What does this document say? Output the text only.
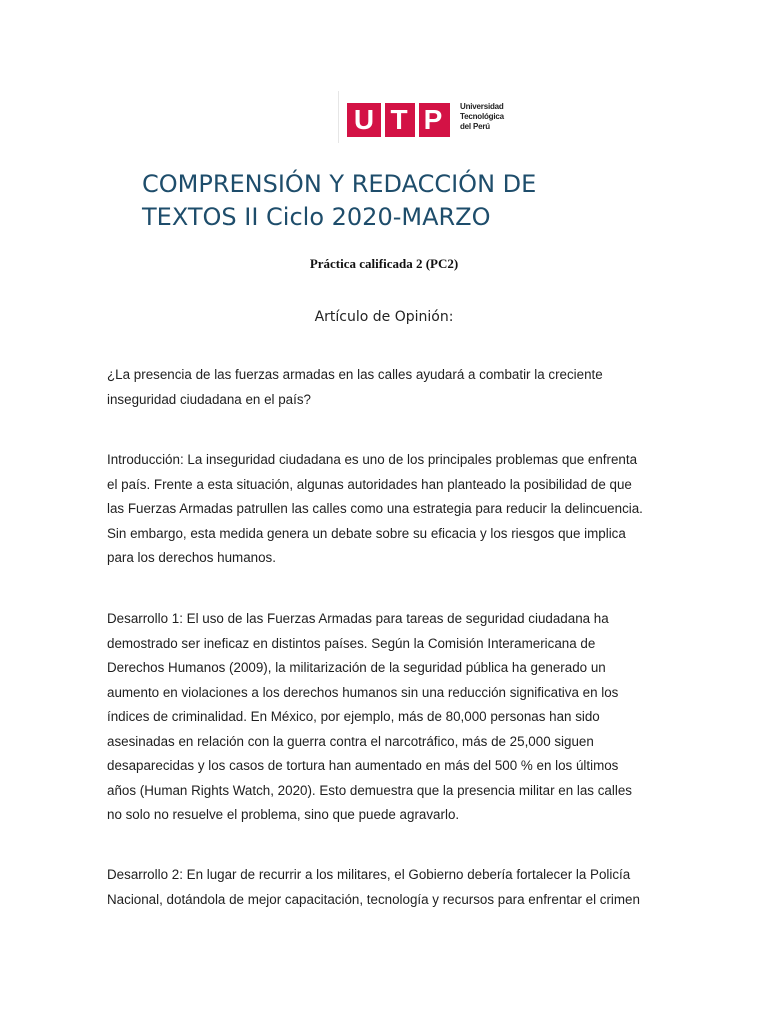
U T P	Universidad
Tecnológica
del Perú
COMPRENSIÓN Y REDACCIÓN DE
TEXTOS II Ciclo 2020-MARZO
Práctica calificada 2 (PC2)
Artículo de Opinión:

¿La presencia de las fuerzas armadas en las calles ayudará a combatir la creciente
inseguridad ciudadana en el país?

Introducción: La inseguridad ciudadana es uno de los principales problemas que enfrenta
el país. Frente a esta situación, algunas autoridades han planteado la posibilidad de que
las Fuerzas Armadas patrullen las calles como una estrategia para reducir la delincuencia.
Sin embargo, esta medida genera un debate sobre su eficacia y los riesgos que implica
para los derechos humanos.

Desarrollo 1: El uso de las Fuerzas Armadas para tareas de seguridad ciudadana ha
demostrado ser ineficaz en distintos países. Según la Comisión Interamericana de
Derechos Humanos (2009), la militarización de la seguridad pública ha generado un
aumento en violaciones a los derechos humanos sin una reducción significativa en los
índices de criminalidad. En México, por ejemplo, más de 80,000 personas han sido
asesinadas en relación con la guerra contra el narcotráfico, más de 25,000 siguen
desaparecidas y los casos de tortura han aumentado en más del 500 % en los últimos
años (Human Rights Watch, 2020). Esto demuestra que la presencia militar en las calles
no solo no resuelve el problema, sino que puede agravarlo.

Desarrollo 2: En lugar de recurrir a los militares, el Gobierno debería fortalecer la Policía
Nacional, dotándola de mejor capacitación, tecnología y recursos para enfrentar el crimen
